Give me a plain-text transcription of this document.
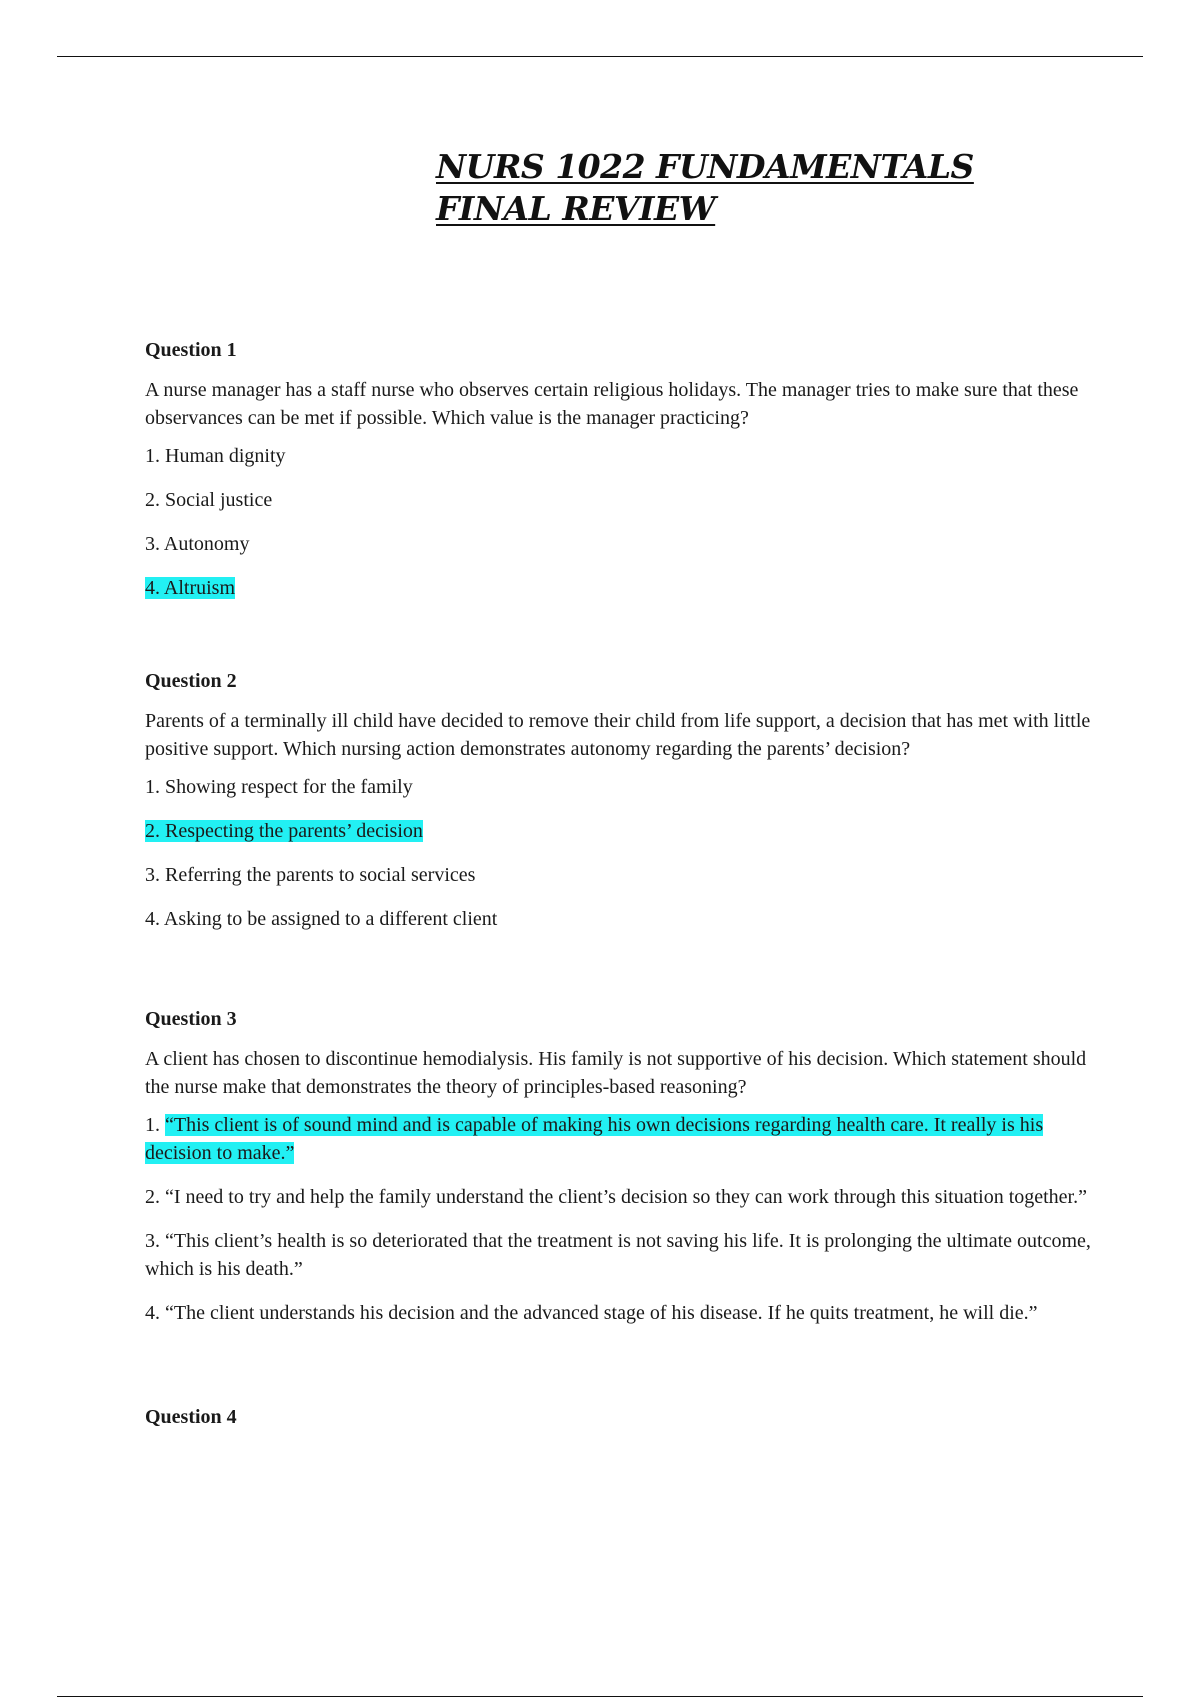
NURS 1022 FUNDAMENTALS FINAL REVIEW

Question 1

A nurse manager has a staff nurse who observes certain religious holidays. The manager tries to make sure that these observances can be met if possible. Which value is the manager practicing?

1. Human dignity

2. Social justice

3. Autonomy

4. Altruism

Question 2

Parents of a terminally ill child have decided to remove their child from life support, a decision that has met with little positive support. Which nursing action demonstrates autonomy regarding the parents’ decision?

1. Showing respect for the family

2. Respecting the parents’ decision

3. Referring the parents to social services

4. Asking to be assigned to a different client

Question 3

A client has chosen to discontinue hemodialysis. His family is not supportive of his decision. Which statement should the nurse make that demonstrates the theory of principles-based reasoning?

1. “This client is of sound mind and is capable of making his own decisions regarding health care. It really is his decision to make.”

2. “I need to try and help the family understand the client’s decision so they can work through this situation together.”

3. “This client’s health is so deteriorated that the treatment is not saving his life. It is prolonging the ultimate outcome, which is his death.”

4. “The client understands his decision and the advanced stage of his disease. If he quits treatment, he will die.”

Question 4
